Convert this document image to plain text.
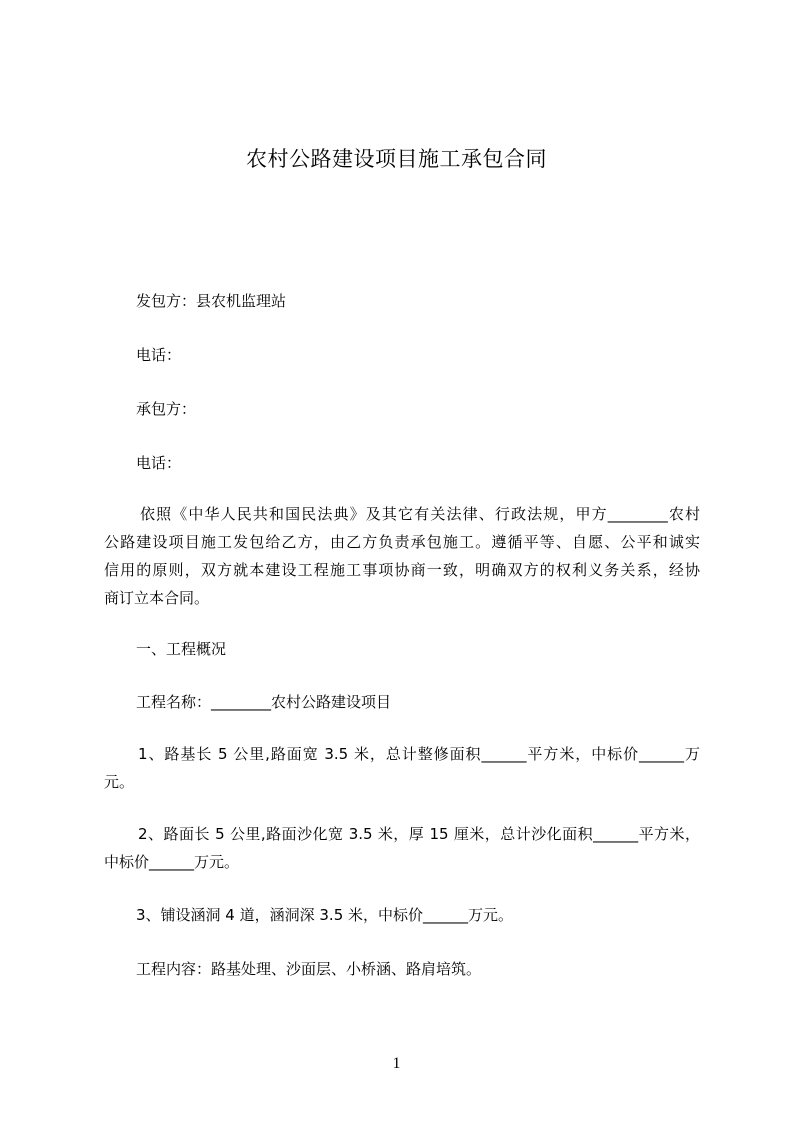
农村公路建设项目施工承包合同
发包方：县农机监理站
电话：
承包方：
电话：
依照《中华人民共和国民法典》及其它有关法律、行政法规，甲方________农村
公路建设项目施工发包给乙方，由乙方负责承包施工。遵循平等、自愿、公平和诚实
信用的原则，双方就本建设工程施工事项协商一致，明确双方的权利义务关系，经协
商订立本合同。
一、工程概况
工程名称：________农村公路建设项目
1、路基长 5 公里,路面宽 3.5 米，总计整修面积______平方米，中标价______万
元。
2、路面长 5 公里,路面沙化宽 3.5 米，厚 15 厘米，总计沙化面积______平方米，
中标价______万元。
3、铺设涵洞 4 道，涵洞深 3.5 米，中标价______万元。
工程内容：路基处理、沙面层、小桥涵、路肩培筑。
1
